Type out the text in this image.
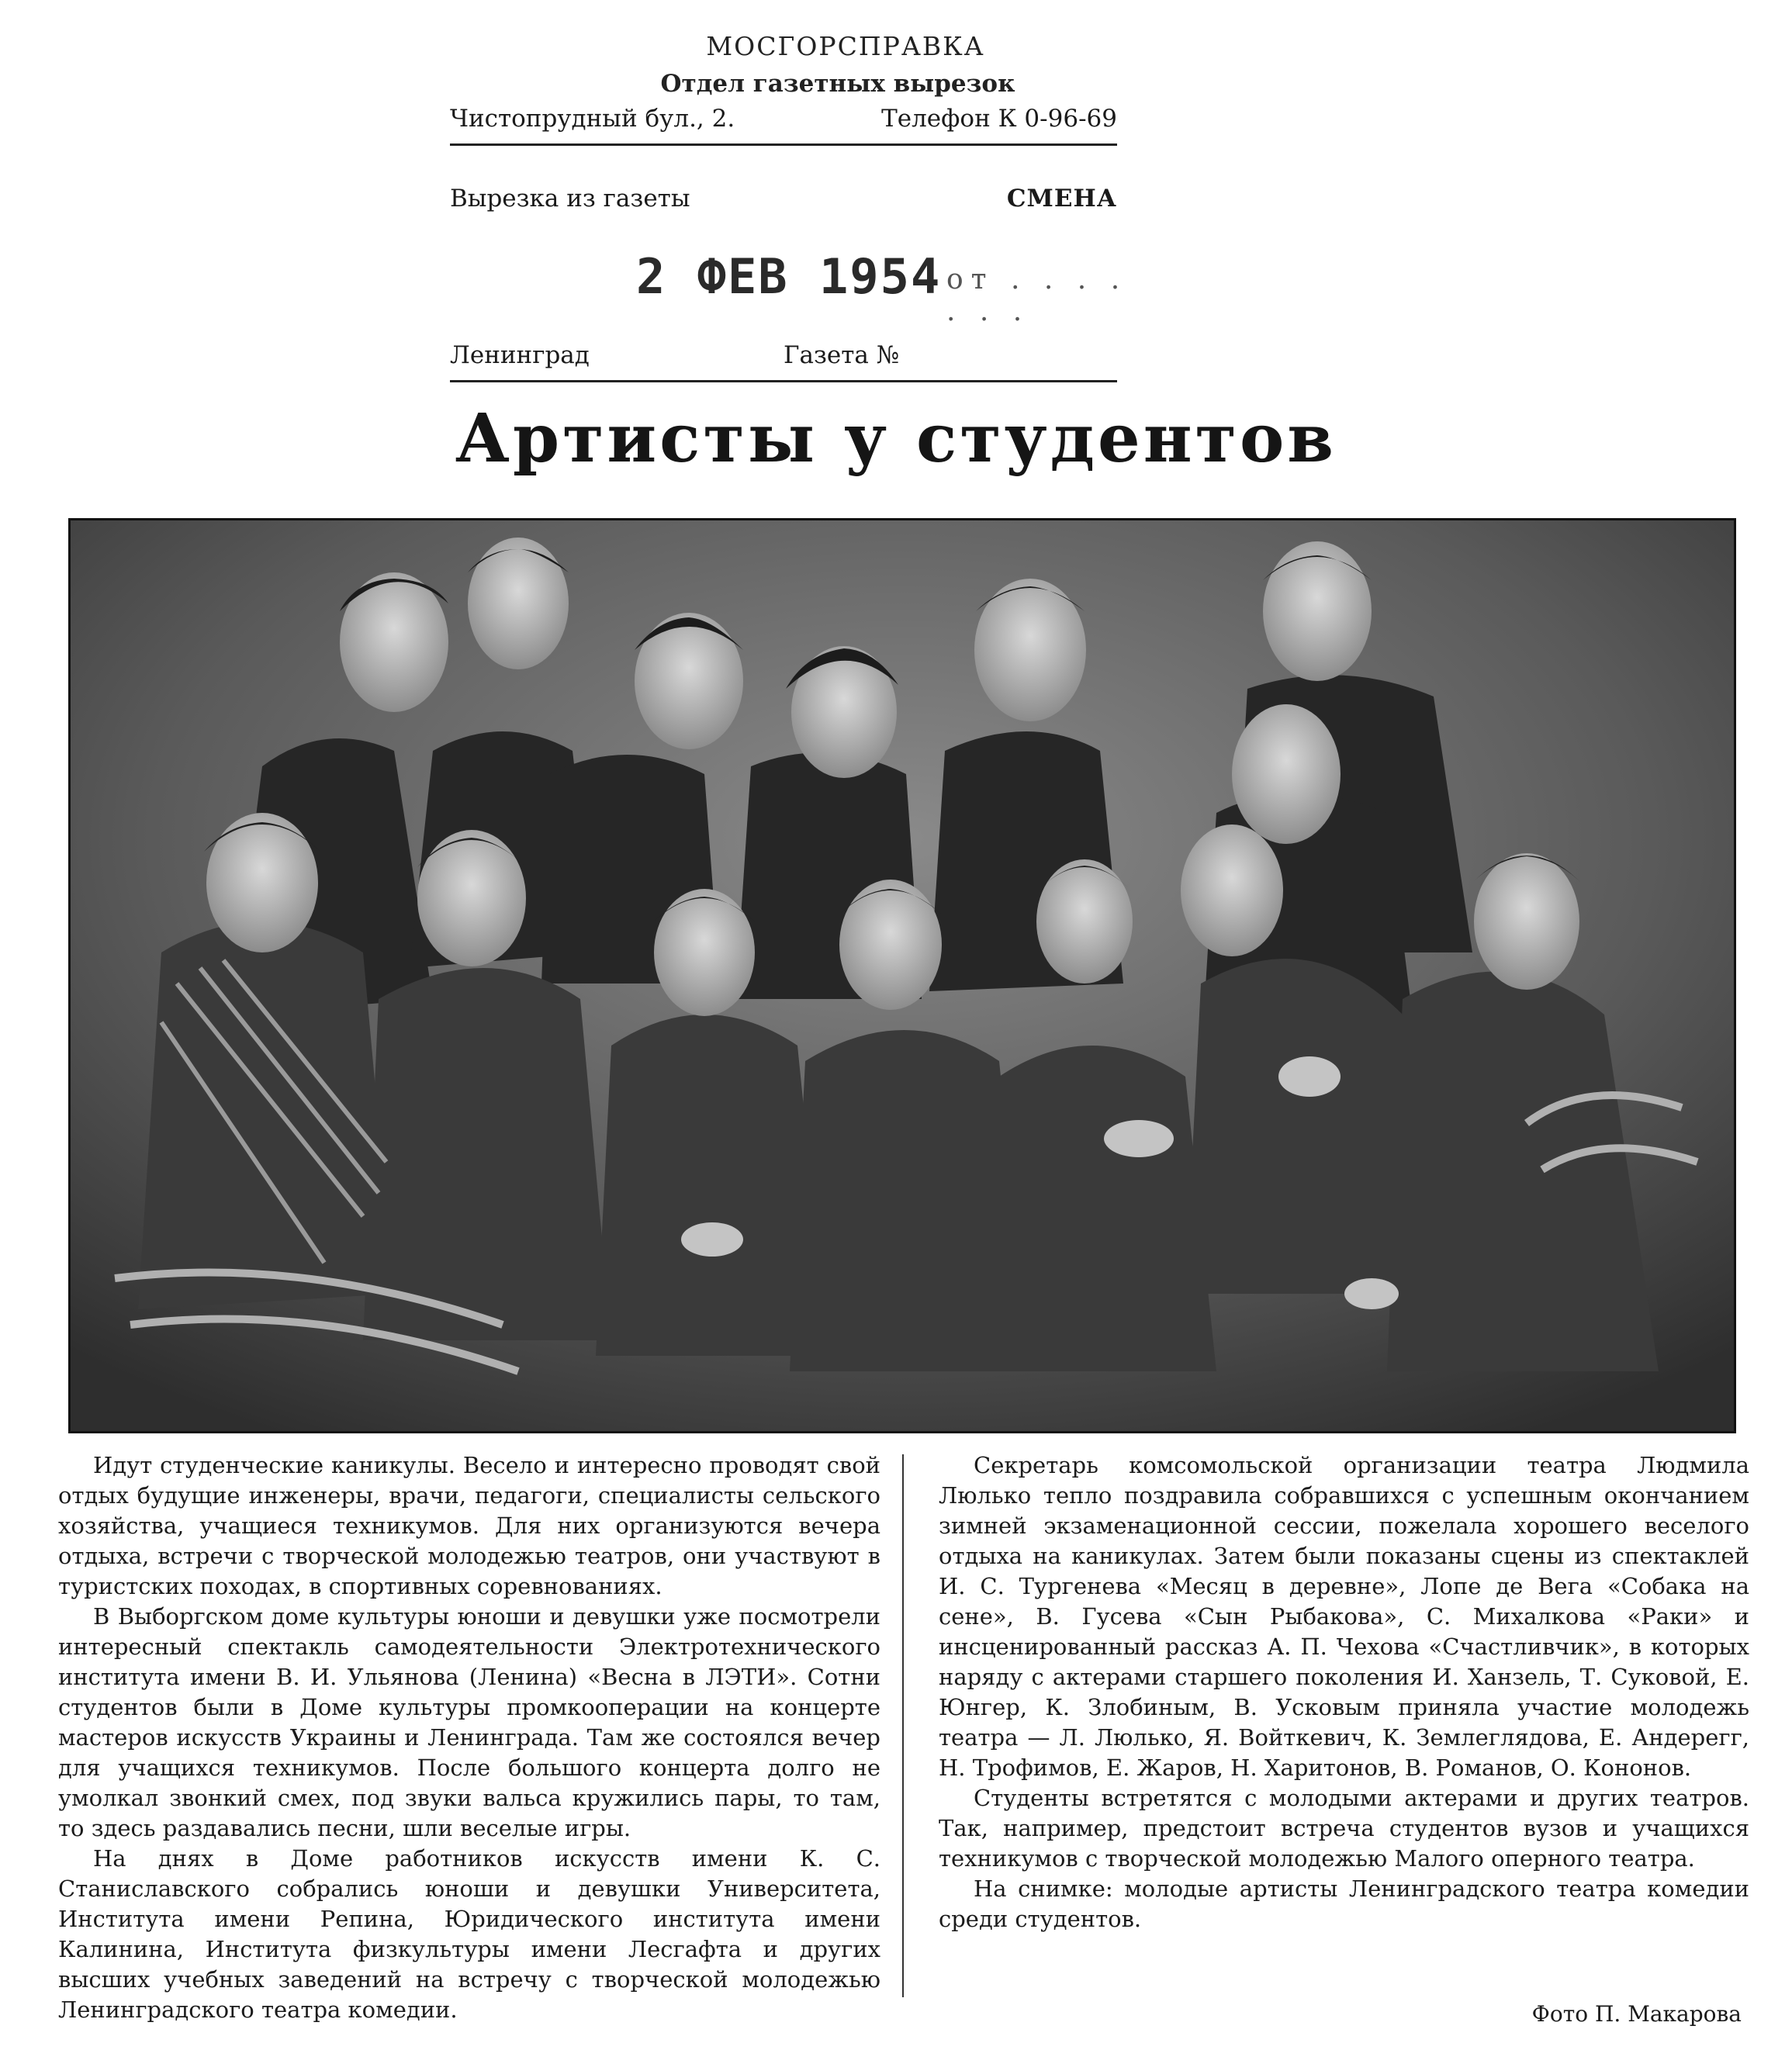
МОСГОРСПРАВКА
Отдел газетных вырезок
Чистопрудный бул., 2.	Телефон К 0-96-69
Вырезка из газеты	СМЕНА
2 ФЕВ 1954 от . . . . . . .
Ленинград	Газета №
Артисты у студентов

Идут студенческие каникулы. Весело и интересно проводят свой отдых будущие инженеры, врачи, педагоги, специалисты сельского хозяйства, учащиеся техникумов. Для них организуются вечера отдыха, встречи с творческой молодежью театров, они участвуют в туристских походах, в спортивных соревнованиях.

В Выборгском доме культуры юноши и девушки уже посмотрели интересный спектакль самодеятельности Электротехнического института имени В. И. Ульянова (Ленина) «Весна в ЛЭТИ». Сотни студентов были в Доме культуры промкооперации на концерте мастеров искусств Украины и Ленинграда. Там же состоялся вечер для учащихся техникумов. После большого концерта долго не умолкал звонкий смех, под звуки вальса кружились пары, то там, то здесь раздавались песни, шли веселые игры.

На днях в Доме работников искусств имени К. С. Станиславского собрались юноши и девушки Университета, Института имени Репина, Юридического института имени Калинина, Института физкультуры имени Лесгафта и других высших учебных заведений на встречу с творческой молодежью Ленинградского театра комедии.

Секретарь комсомольской организации театра Людмила Люлько тепло поздравила собравшихся с успешным окончанием зимней экзаменационной сессии, пожелала хорошего веселого отдыха на каникулах. Затем были показаны сцены из спектаклей И. С. Тургенева «Месяц в деревне», Лопе де Вега «Собака на сене», В. Гусева «Сын Рыбакова», С. Михалкова «Раки» и инсценированный рассказ А. П. Чехова «Счастливчик», в которых наряду с актерами старшего поколения И. Ханзель, Т. Суковой, Е. Юнгер, К. Злобиным, В. Усковым приняла участие молодежь театра — Л. Люлько, Я. Войткевич, К. Землеглядова, Е. Андерегг, Н. Трофимов, Е. Жаров, Н. Харитонов, В. Романов, О. Кононов.

Студенты встретятся с молодыми актерами и других театров. Так, например, предстоит встреча студентов вузов и учащихся техникумов с творческой молодежью Малого оперного театра.

На снимке: молодые артисты Ленинградского театра комедии среди студентов.

Фото П. Макарова
